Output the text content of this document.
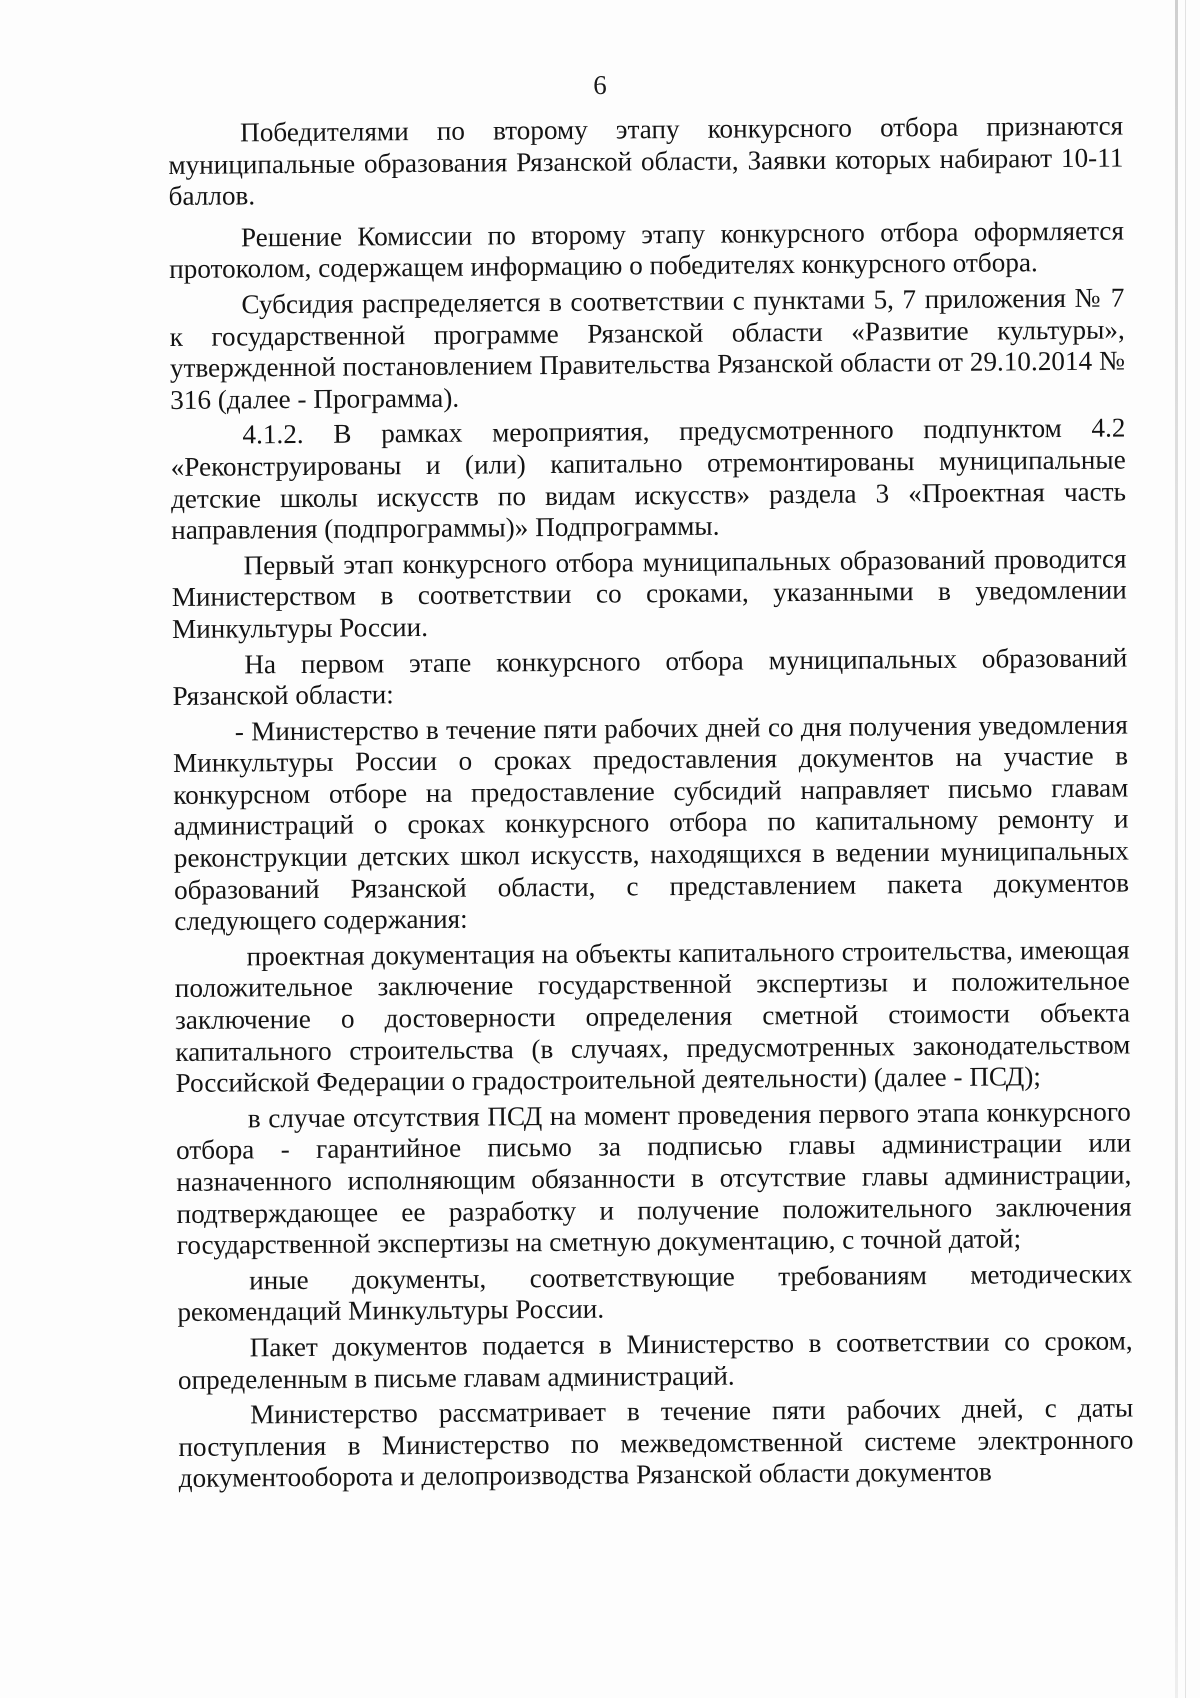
6

Победителями по второму этапу конкурсного отбора признаются муниципальные образования Рязанской области, Заявки которых набирают 10-11 баллов.

Решение Комиссии по второму этапу конкурсного отбора оформляется протоколом, содержащем информацию о победителях конкурсного отбора.

Субсидия распределяется в соответствии с пунктами 5, 7 приложения № 7 к государственной программе Рязанской области «Развитие культуры», утвержденной постановлением Правительства Рязанской области от 29.10.2014 № 316 (далее - Программа).

4.1.2. В рамках мероприятия, предусмотренного подпунктом 4.2 «Реконструированы и (или) капитально отремонтированы муниципальные детские школы искусств по видам искусств» раздела 3 «Проектная часть направления (подпрограммы)» Подпрограммы.

Первый этап конкурсного отбора муниципальных образований проводится Министерством в соответствии со сроками, указанными в уведомлении Минкультуры России.

На первом этапе конкурсного отбора муниципальных образований Рязанской области:

- Министерство в течение пяти рабочих дней со дня получения уведомления Минкультуры России о сроках предоставления документов на участие в конкурсном отборе на предоставление субсидий направляет письмо главам администраций о сроках конкурсного отбора по капитальному ремонту и реконструкции детских школ искусств, находящихся в ведении муниципальных образований Рязанской области, с представлением пакета документов следующего содержания:

проектная документация на объекты капитального строительства, имеющая положительное заключение государственной экспертизы и положительное заключение о достоверности определения сметной стоимости объекта капитального строительства (в случаях, предусмотренных законодательством Российской Федерации о градостроительной деятельности) (далее - ПСД);

в случае отсутствия ПСД на момент проведения первого этапа конкурсного отбора - гарантийное письмо за подписью главы администрации или назначенного исполняющим обязанности в отсутствие главы администрации, подтверждающее ее разработку и получение положительного заключения государственной экспертизы на сметную документацию, с точной датой;

иные документы, соответствующие требованиям методических рекомендаций Минкультуры России.

Пакет документов подается в Министерство в соответствии со сроком, определенным в письме главам администраций.

Министерство рассматривает в течение пяти рабочих дней, с даты поступления в Министерство по межведомственной системе электронного документооборота и делопроизводства Рязанской области документов
